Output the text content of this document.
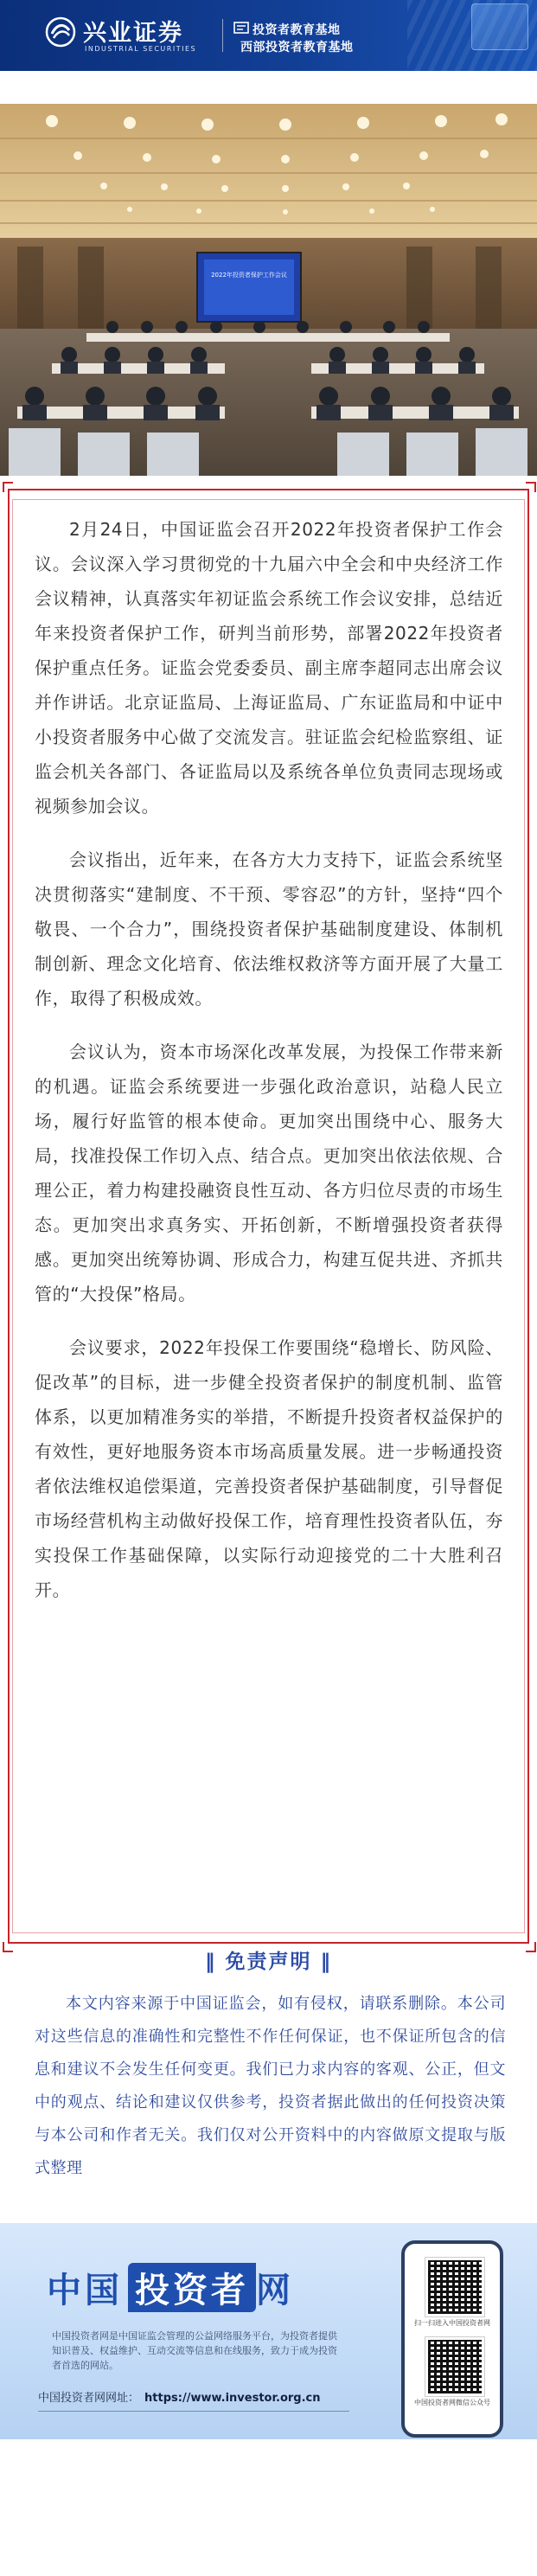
兴业证券
INDUSTRIAL SECURITIES
投资者教育基地
西部投资者教育基地
2022年投资者保护工作会议

2月24日，中国证监会召开2022年投资者保护工作会议。会议深入学习贯彻党的十九届六中全会和中央经济工作会议精神，认真落实年初证监会系统工作会议安排，总结近年来投资者保护工作，研判当前形势，部署2022年投资者保护重点任务。证监会党委委员、副主席李超同志出席会议并作讲话。北京证监局、上海证监局、广东证监局和中证中小投资者服务中心做了交流发言。驻证监会纪检监察组、证监会机关各部门、各证监局以及系统各单位负责同志现场或视频参加会议。

会议指出，近年来，在各方大力支持下，证监会系统坚决贯彻落实“建制度、不干预、零容忍”的方针，坚持“四个敬畏、一个合力”，围绕投资者保护基础制度建设、体制机制创新、理念文化培育、依法维权救济等方面开展了大量工作，取得了积极成效。

会议认为，资本市场深化改革发展，为投保工作带来新的机遇。证监会系统要进一步强化政治意识，站稳人民立场，履行好监管的根本使命。更加突出围绕中心、服务大局，找准投保工作切入点、结合点。更加突出依法依规、合理公正，着力构建投融资良性互动、各方归位尽责的市场生态。更加突出求真务实、开拓创新，不断增强投资者获得感。更加突出统筹协调、形成合力，构建互促共进、齐抓共管的“大投保”格局。

会议要求，2022年投保工作要围绕“稳增长、防风险、促改革”的目标，进一步健全投资者保护的制度机制、监管体系，以更加精准务实的举措，不断提升投资者权益保护的有效性，更好地服务资本市场高质量发展。进一步畅通投资者依法维权追偿渠道，完善投资者保护基础制度，引导督促市场经营机构主动做好投保工作，培育理性投资者队伍，夯实投保工作基础保障，以实际行动迎接党的二十大胜利召开。

‖ 免责声明 ‖

本文内容来源于中国证监会，如有侵权，请联系删除。本公司对这些信息的准确性和完整性不作任何保证，也不保证所包含的信息和建议不会发生任何变更。我们已力求内容的客观、公正，但文中的观点、结论和建议仅供参考，投资者据此做出的任何投资决策与本公司和作者无关。我们仅对公开资料中的内容做原文提取与版式整理

中国 投资者 网
中国投资者网是中国证监会管理的公益网络服务平台，为投资者提供知识普及、权益维护、互动交流等信息和在线服务，致力于成为投资者首选的网站。
中国投资者网网址： https://www.investor.org.cn
扫一扫进入中国投资者网
中国投资者网微信公众号
